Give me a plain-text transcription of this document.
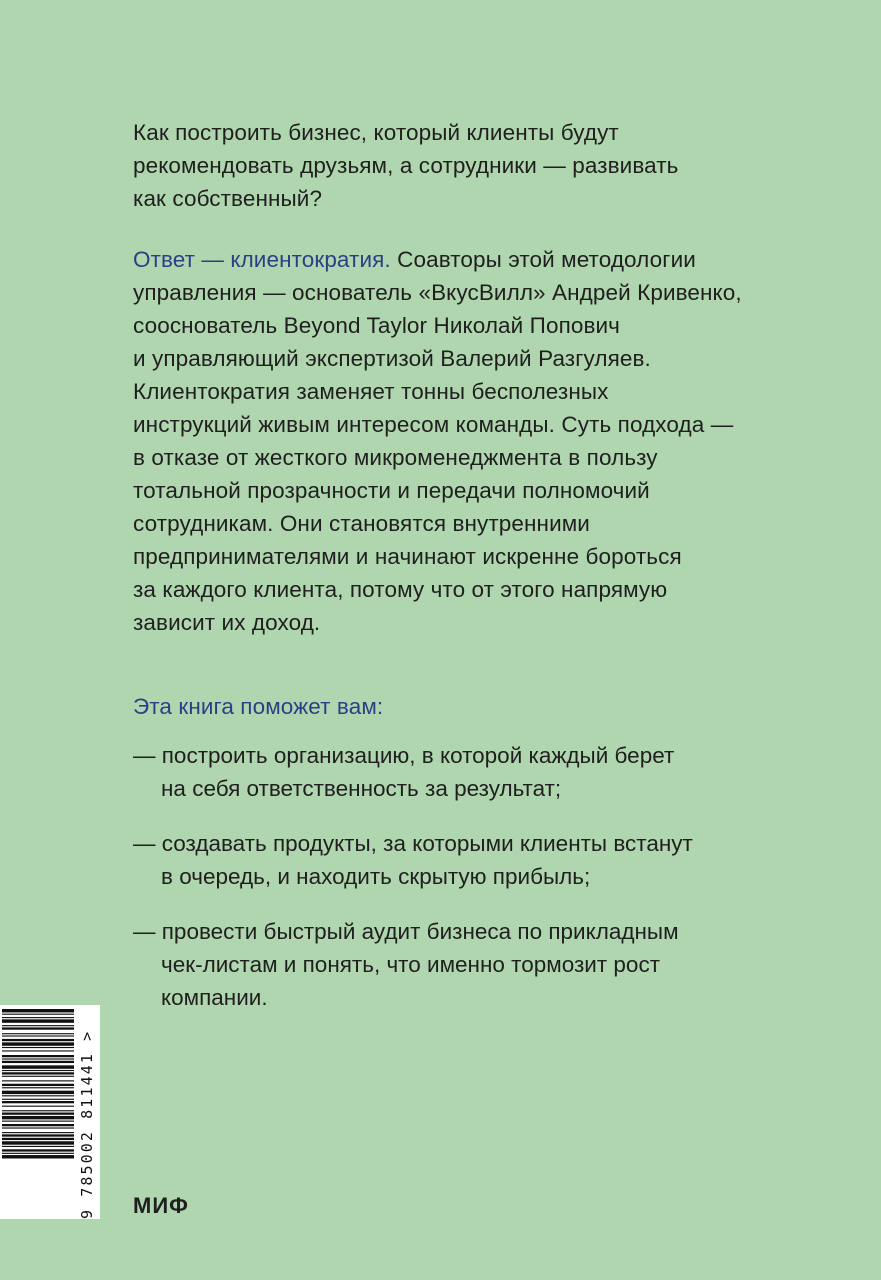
Как построить бизнес, который клиенты будут
рекомендовать друзьям, а сотрудники — развивать
как собственный?
Ответ — клиентократия. Соавторы этой методологии
управления — основатель «ВкусВилл» Андрей Кривенко,
сооснователь Beyond Taylor Николай Попович
и управляющий экспертизой Валерий Разгуляев.
Клиентократия заменяет тонны бесполезных
инструкций живым интересом команды. Суть подхода —
в отказе от жесткого микроменеджмента в пользу
тотальной прозрачности и передачи полномочий
сотрудникам. Они становятся внутренними
предпринимателями и начинают искренне бороться
за каждого клиента, потому что от этого напрямую
зависит их доход.
Эта книга поможет вам:
— построить организацию, в которой каждый берет
на себя ответственность за результат;
— создавать продукты, за которыми клиенты встанут
в очередь, и находить скрытую прибыль;
— провести быстрый аудит бизнеса по прикладным
чек-листам и понять, что именно тормозит рост
компании.
9 785002 811441 > МИФ
